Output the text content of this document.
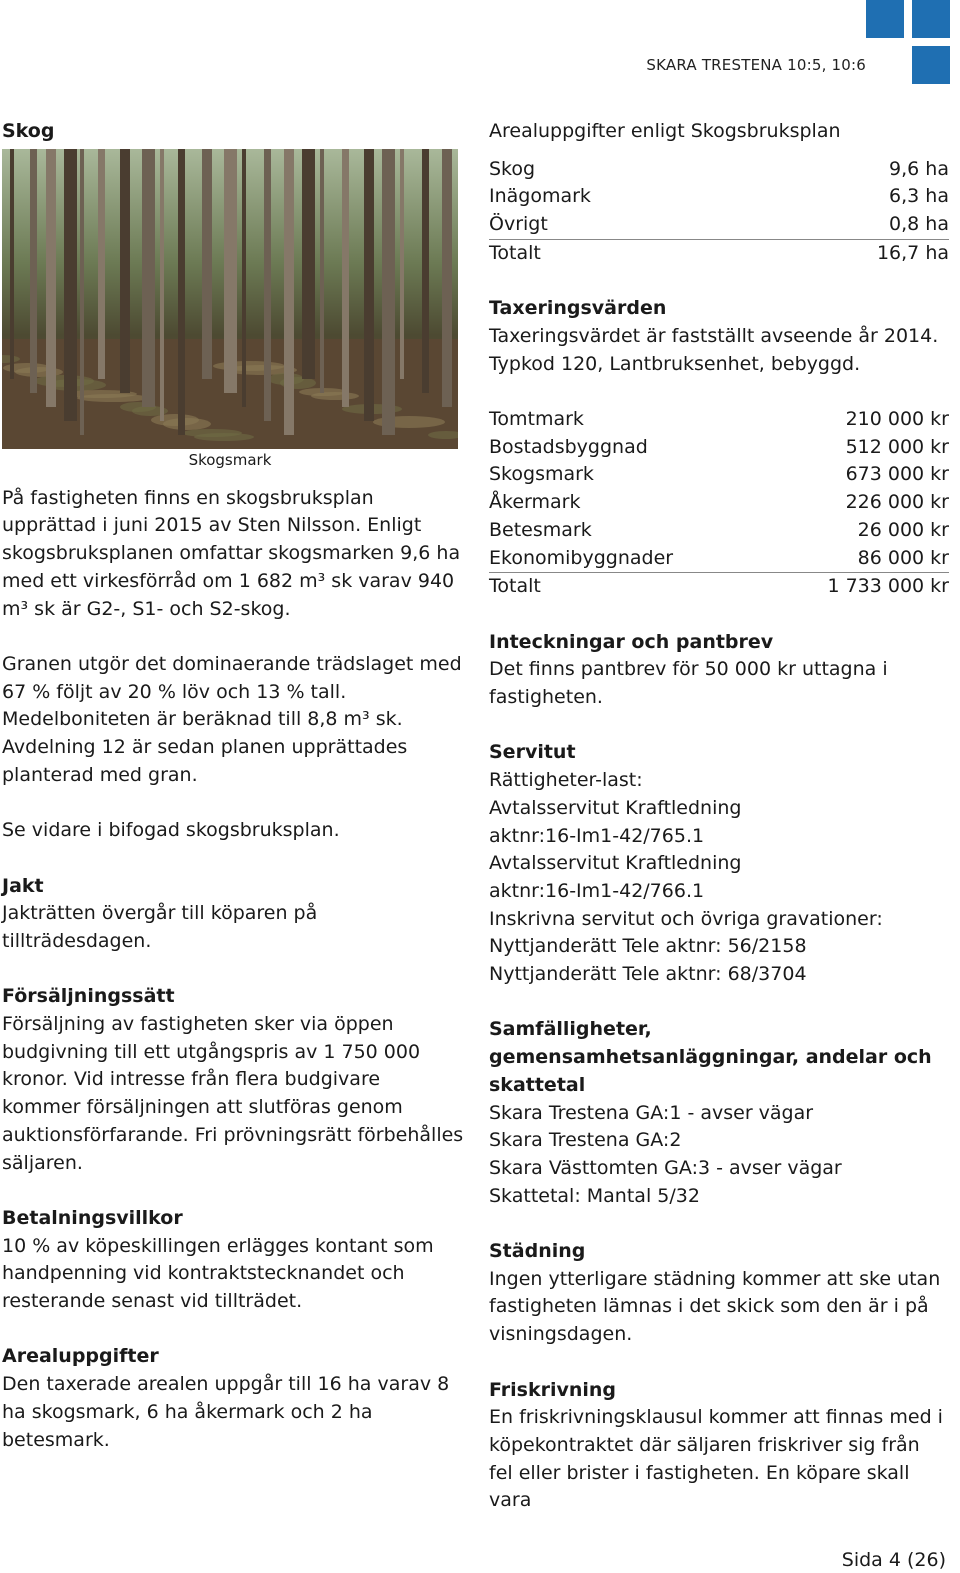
SKARA TRESTENA 10:5, 10:6

Skog

Skogsmark

På fastigheten finns en skogsbruksplan upprättad i juni 2015 av Sten Nilsson. Enligt skogsbruksplanen omfattar skogsmarken 9,6 ha med ett virkesförråd om 1 682 m³ sk varav 940 m³ sk är G2-, S1- och S2-skog.

Granen utgör det dominaerande trädslaget med 67 % följt av 20 % löv och 13 % tall. Medelboniteten är beräknad till 8,8 m³ sk. Avdelning 12 är sedan planen upprättades planterad med gran.

Se vidare i bifogad skogsbruksplan.

Jakt

Jakträtten övergår till köparen på tillträdesdagen.

Försäljningssätt

Försäljning av fastigheten sker via öppen budgivning till ett utgångspris av 1 750 000 kronor. Vid intresse från flera budgivare kommer försäljningen att slutföras genom auktionsförfarande. Fri prövningsrätt förbehålles säljaren.

Betalningsvillkor

10 % av köpeskillingen erlägges kontant som handpenning vid kontraktstecknandet och resterande senast vid tillträdet.

Arealuppgifter

Den taxerade arealen uppgår till 16 ha varav 8 ha skogsmark, 6 ha åkermark och 2 ha betesmark.

Arealuppgifter enligt Skogsbruksplan

Skog	9,6 ha
Inägomark	6,3 ha
Övrigt	0,8 ha
Totalt	16,7 ha

Taxeringsvärden

Taxeringsvärdet är fastställt avseende år 2014. Typkod 120, Lantbruksenhet, bebyggd.

Tomtmark	210 000 kr
Bostadsbyggnad	512 000 kr
Skogsmark	673 000 kr
Åkermark	226 000 kr
Betesmark	26 000 kr
Ekonomibyggnader	86 000 kr
Totalt	1 733 000 kr

Inteckningar och pantbrev

Det finns pantbrev för 50 000 kr uttagna i fastigheten.

Servitut

Rättigheter-last:

Avtalsservitut Kraftledning

aktnr:16-Im1-42/765.1

Avtalsservitut Kraftledning

aktnr:16-Im1-42/766.1

Inskrivna servitut och övriga gravationer:

Nyttjanderätt Tele aktnr: 56/2158

Nyttjanderätt Tele aktnr: 68/3704

Samfälligheter, gemensamhetsanläggningar, andelar och skattetal

Skara Trestena GA:1 - avser vägar

Skara Trestena GA:2

Skara Västtomten GA:3 - avser vägar

Skattetal: Mantal 5/32

Städning

Ingen ytterligare städning kommer att ske utan fastigheten lämnas i det skick som den är i på visningsdagen.

Friskrivning

En friskrivningsklausul kommer att finnas med i köpekontraktet där säljaren friskriver sig från fel eller brister i fastigheten. En köpare skall vara

Sida 4 (26)
